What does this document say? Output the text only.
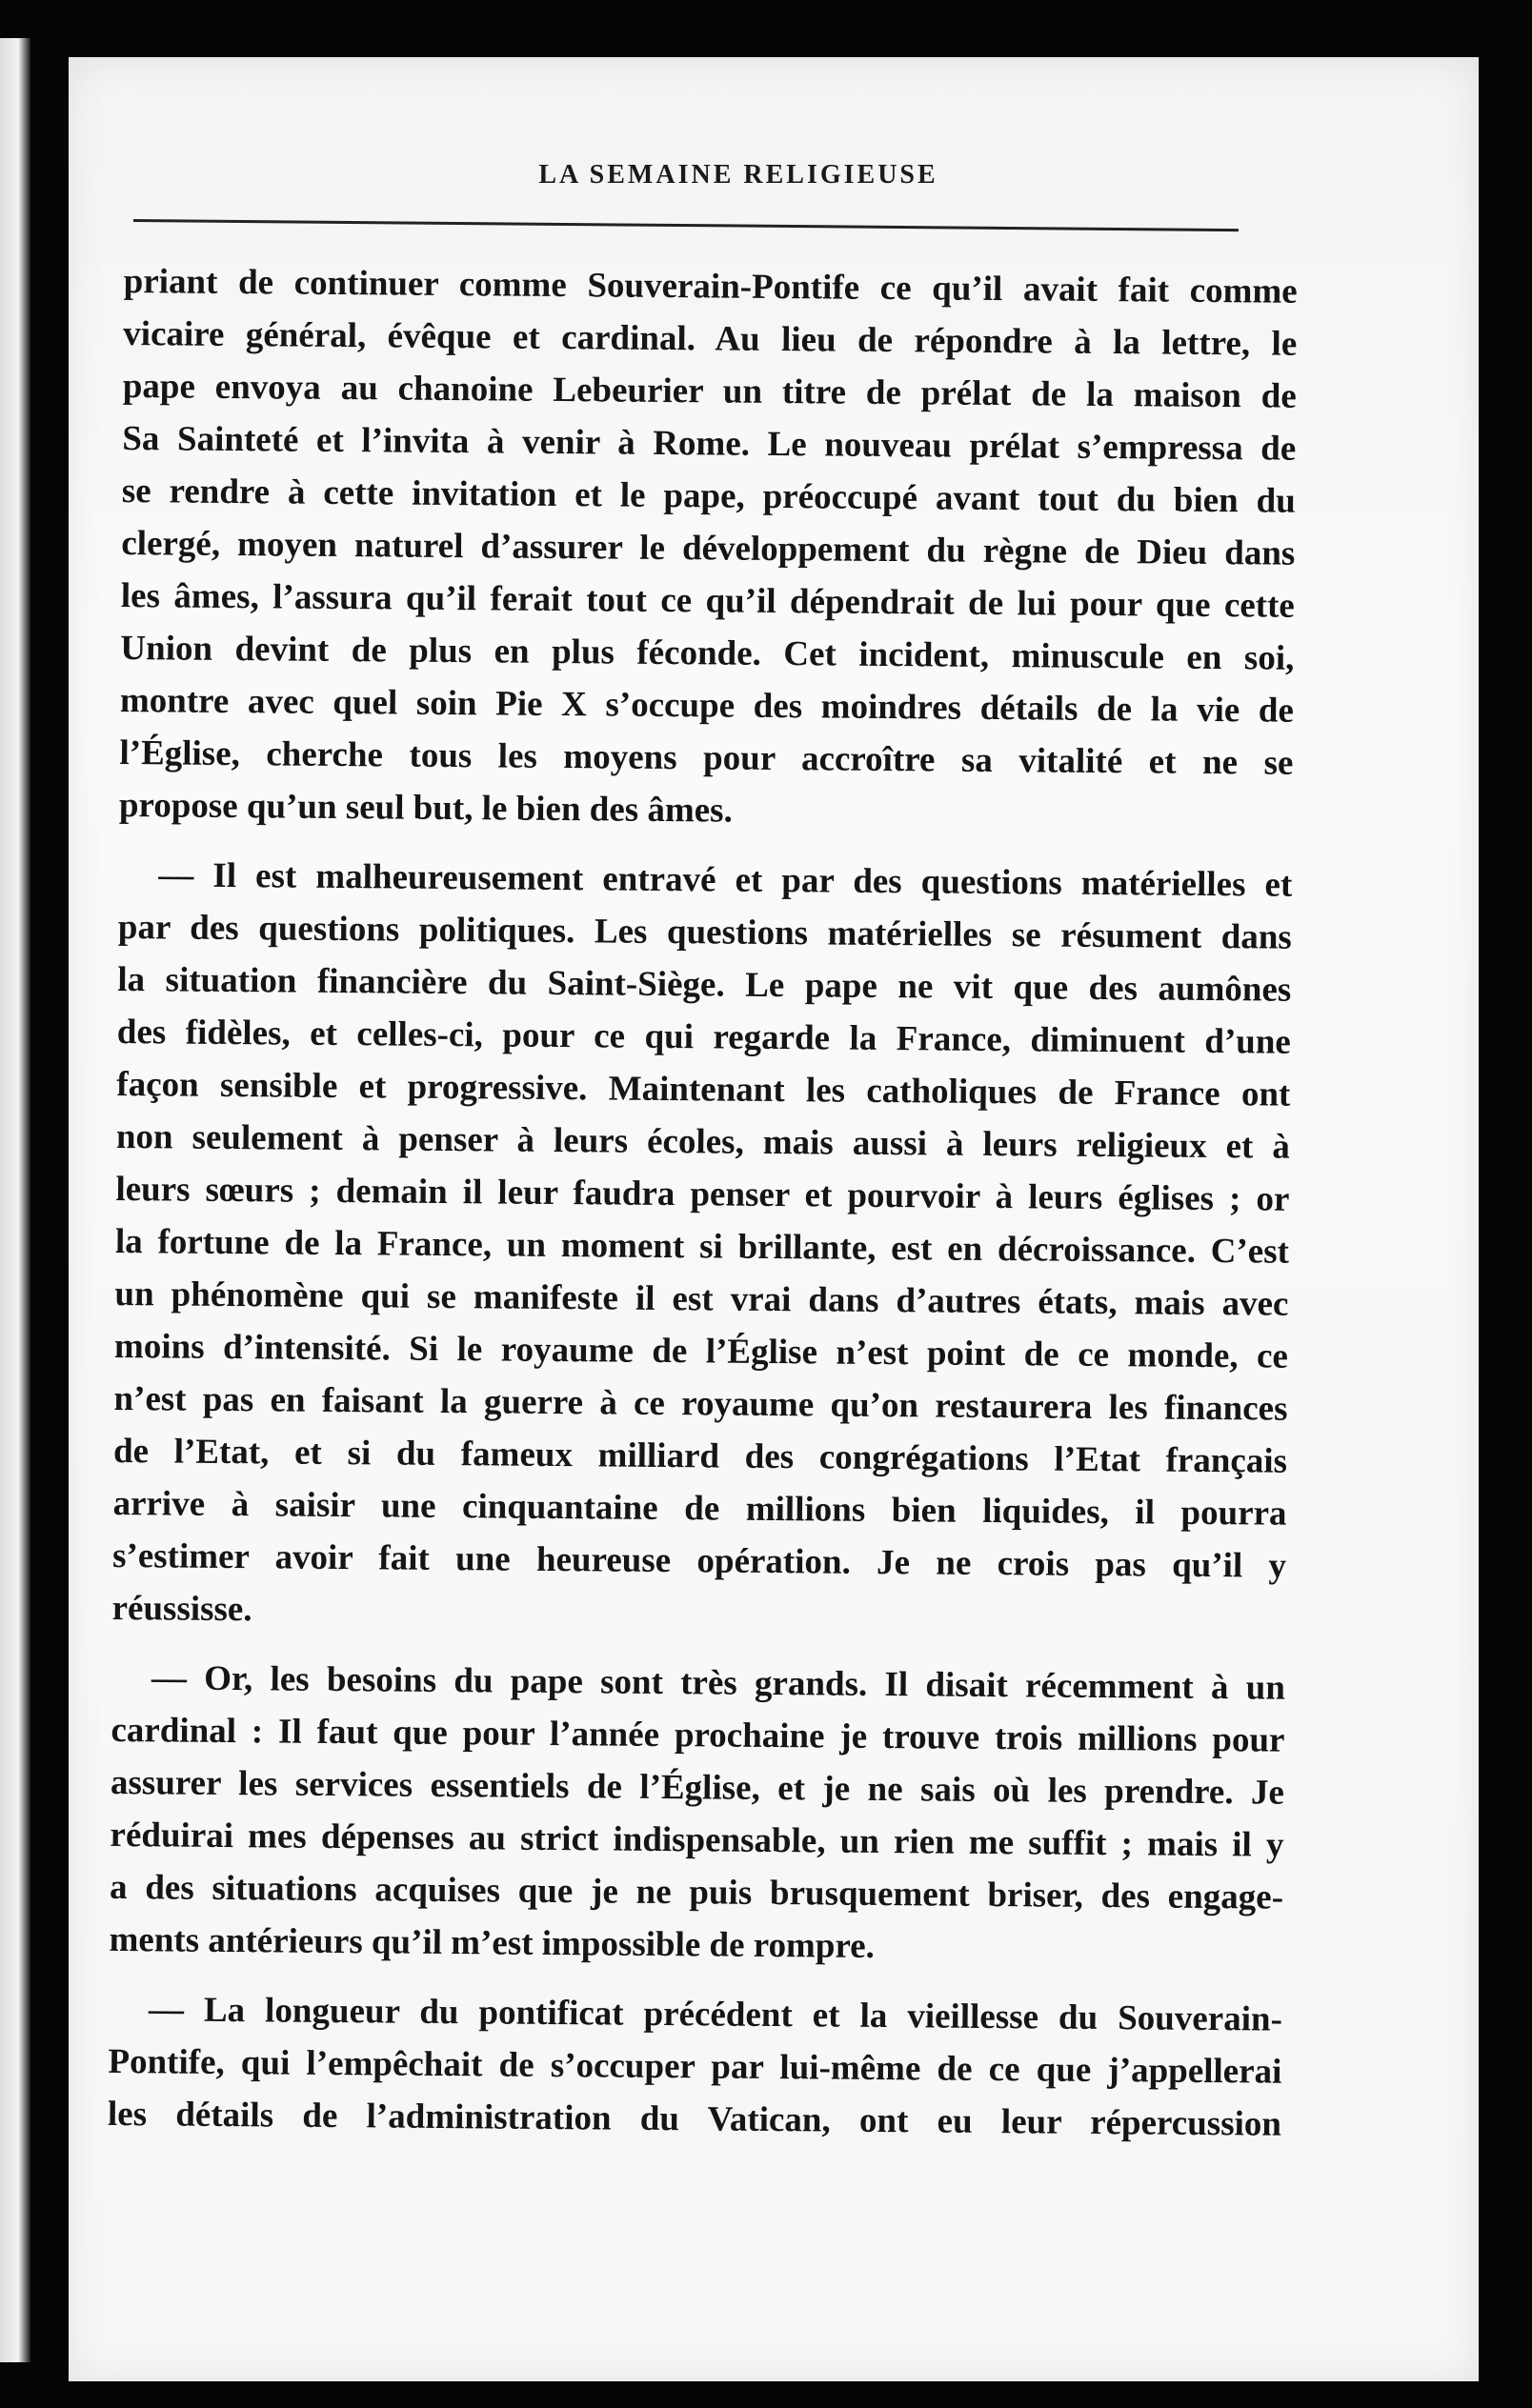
LA SEMAINE RELIGIEUSE
priant de continuer comme Souverain-Pontife ce qu’il avait fait comme
vicaire général, évêque et cardinal. Au lieu de répondre à la lettre, le
pape envoya au chanoine Lebeurier un titre de prélat de la maison de
Sa Sainteté et l’invita à venir à Rome. Le nouveau prélat s’empressa de
se rendre à cette invitation et le pape, préoccupé avant tout du bien du
clergé, moyen naturel d’assurer le développement du règne de Dieu dans
les âmes, l’assura qu’il ferait tout ce qu’il dépendrait de lui pour que cette
Union devint de plus en plus féconde. Cet incident, minuscule en soi,
montre avec quel soin Pie X s’occupe des moindres détails de la vie de
l’Église, cherche tous les moyens pour accroître sa vitalité et ne se
propose qu’un seul but, le bien des âmes.
— Il est malheureusement entravé et par des questions matérielles et
par des questions politiques. Les questions matérielles se résument dans
la situation financière du Saint-Siège. Le pape ne vit que des aumônes
des fidèles, et celles-ci, pour ce qui regarde la France, diminuent d’une
façon sensible et progressive. Maintenant les catholiques de France ont
non seulement à penser à leurs écoles, mais aussi à leurs religieux et à
leurs sœurs ; demain il leur faudra penser et pourvoir à leurs églises ; or
la fortune de la France, un moment si brillante, est en décroissance. C’est
un phénomène qui se manifeste il est vrai dans d’autres états, mais avec
moins d’intensité. Si le royaume de l’Église n’est point de ce monde, ce
n’est pas en faisant la guerre à ce royaume qu’on restaurera les finances
de l’Etat, et si du fameux milliard des congrégations l’Etat français
arrive à saisir une cinquantaine de millions bien liquides, il pourra
s’estimer avoir fait une heureuse opération. Je ne crois pas qu’il y
réussisse.
— Or, les besoins du pape sont très grands. Il disait récemment à un
cardinal : Il faut que pour l’année prochaine je trouve trois millions pour
assurer les services essentiels de l’Église, et je ne sais où les prendre. Je
réduirai mes dépenses au strict indispensable, un rien me suffit ; mais il y
a des situations acquises que je ne puis brusquement briser, des engage-
ments antérieurs qu’il m’est impossible de rompre.
— La longueur du pontificat précédent et la vieillesse du Souverain-
Pontife, qui l’empêchait de s’occuper par lui-même de ce que j’appellerai
les détails de l’administration du Vatican, ont eu leur répercussion
